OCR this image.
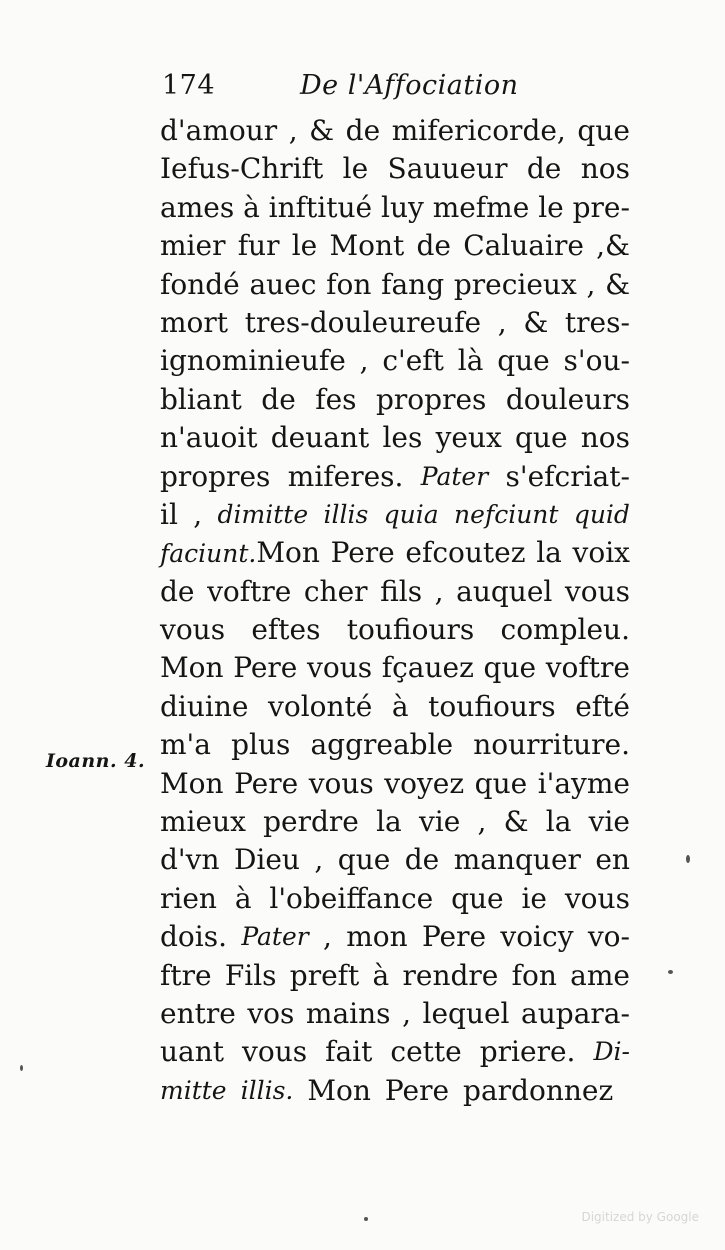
174	De l'Affociation
Ioann. 4.
d'amour , & de mifericorde, que
Iefus-Chrift le Sauueur de nos
ames à inftitué luy mefme le pre-
mier fur le Mont de Caluaire ,&
fondé auec fon fang precieux , &
mort tres-douleureufe , & tres-
ignominieufe , c'eft là que s'ou-
bliant de fes propres douleurs
n'auoit deuant les yeux que nos
propres miferes. Pater s'efcriat-
il , dimitte illis quia nefciunt quid
faciunt.Mon Pere efcoutez la voix
de voftre cher fils , auquel vous
vous eftes toufiours compleu.
Mon Pere vous fçauez que voftre
diuine volonté à toufiours efté
m'a plus aggreable nourriture.
Mon Pere vous voyez que i'ayme
mieux perdre la vie , & la vie
d'vn Dieu , que de manquer en
rien à l'obeiffance que ie vous
dois. Pater , mon Pere voicy vo-
ftre Fils preft à rendre fon ame
entre vos mains , lequel aupara-
uant vous fait cette priere. Di-
mitte illis. Mon Pere pardonnez
Digitized by Google
